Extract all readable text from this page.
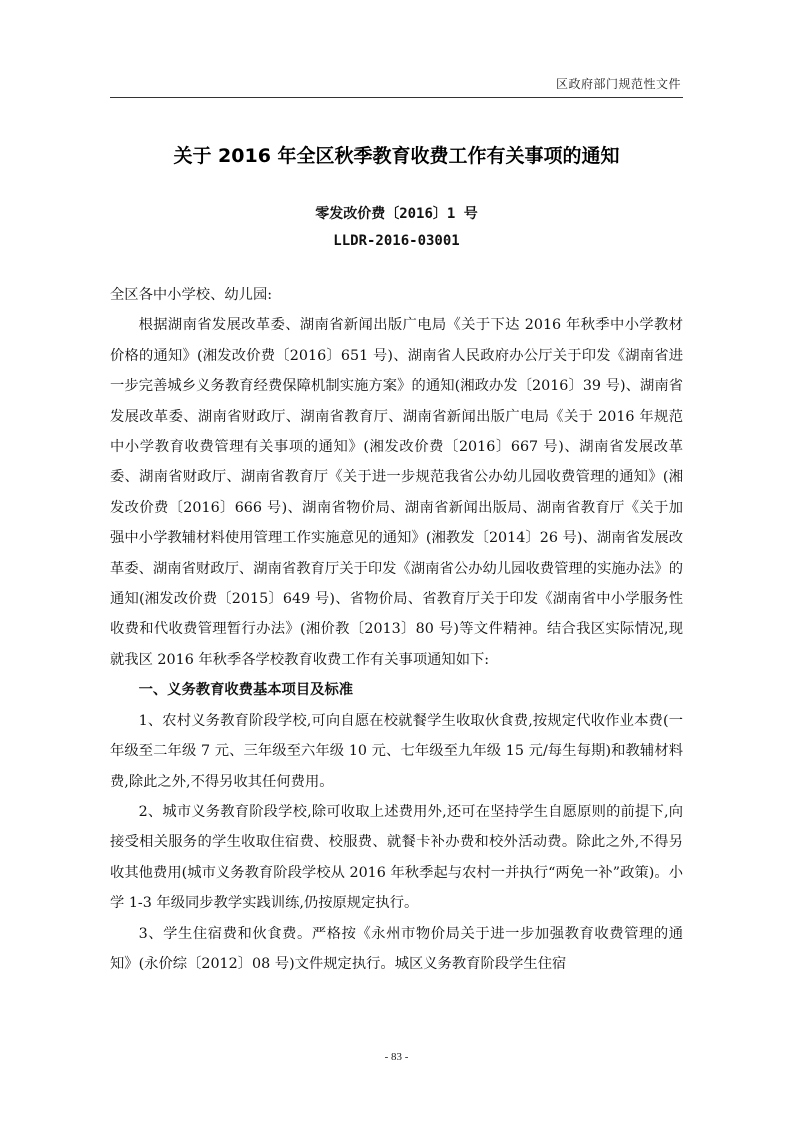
区政府部门规范性文件
关于 2016 年全区秋季教育收费工作有关事项的通知
零发改价费〔2016〕1 号
LLDR-2016-03001

全区各中小学校、幼儿园:

根据湖南省发展改革委、湖南省新闻出版广电局《关于下达 2016 年秋季中小学教材价格的通知》(湘发改价费〔2016〕651 号)、湖南省人民政府办公厅关于印发《湖南省进一步完善城乡义务教育经费保障机制实施方案》的通知(湘政办发〔2016〕39 号)、湖南省发展改革委、湖南省财政厅、湖南省教育厅、湖南省新闻出版广电局《关于 2016 年规范中小学教育收费管理有关事项的通知》(湘发改价费〔2016〕667 号)、湖南省发展改革委、湖南省财政厅、湖南省教育厅《关于进一步规范我省公办幼儿园收费管理的通知》(湘发改价费〔2016〕666 号)、湖南省物价局、湖南省新闻出版局、湖南省教育厅《关于加强中小学教辅材料使用管理工作实施意见的通知》(湘教发〔2014〕26 号)、湖南省发展改革委、湖南省财政厅、湖南省教育厅关于印发《湖南省公办幼儿园收费管理的实施办法》的通知(湘发改价费〔2015〕649 号)、省物价局、省教育厅关于印发《湖南省中小学服务性收费和代收费管理暂行办法》(湘价教〔2013〕80 号)等文件精神。结合我区实际情况,现就我区 2016 年秋季各学校教育收费工作有关事项通知如下:

一、义务教育收费基本项目及标准

1、农村义务教育阶段学校,可向自愿在校就餐学生收取伙食费,按规定代收作业本费(一年级至二年级 7 元、三年级至六年级 10 元、七年级至九年级 15 元/每生每期)和教辅材料费,除此之外,不得另收其任何费用。

2、城市义务教育阶段学校,除可收取上述费用外,还可在坚持学生自愿原则的前提下,向接受相关服务的学生收取住宿费、校服费、就餐卡补办费和校外活动费。除此之外,不得另收其他费用(城市义务教育阶段学校从 2016 年秋季起与农村一并执行“两免一补”政策)。小学 1-3 年级同步教学实践训练,仍按原规定执行。

3、学生住宿费和伙食费。严格按《永州市物价局关于进一步加强教育收费管理的通知》(永价综〔2012〕08 号)文件规定执行。城区义务教育阶段学生住宿

- 83 -
